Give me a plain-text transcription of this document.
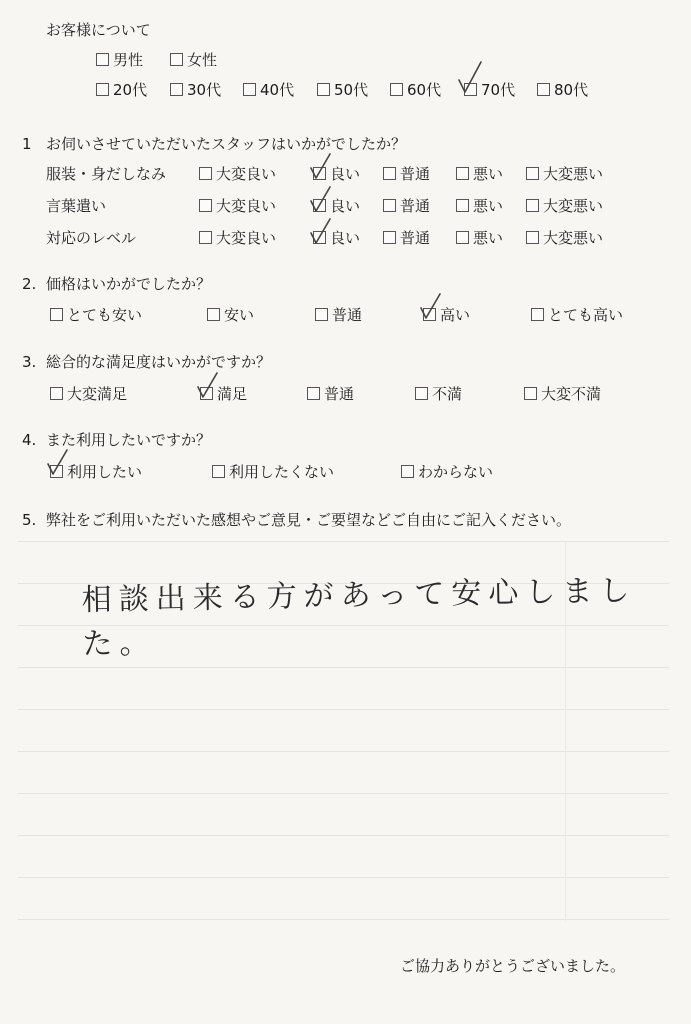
お客様について
男性	女性
20代	30代	40代	50代	60代	70代	80代
1 お伺いさせていただいたスタッフはいかがでしたか？
服装・身だしなみ	大変良い	良い	普通	悪い	大変悪い
言葉遣い	大変良い	良い	普通	悪い	大変悪い
対応のレベル	大変良い	良い	普通	悪い	大変悪い
2. 価格はいかがでしたか？
とても安い	安い	普通	高い	とても高い
3. 総合的な満足度はいかがですか？
大変満足	満足	普通	不満	大変不満
4. また利用したいですか？
利用したい	利用したくない	わからない
5. 弊社をご利用いただいた感想やご意見・ご要望などご自由にご記入ください。
相談出来る方があって安心しました。
ご協力ありがとうございました。
